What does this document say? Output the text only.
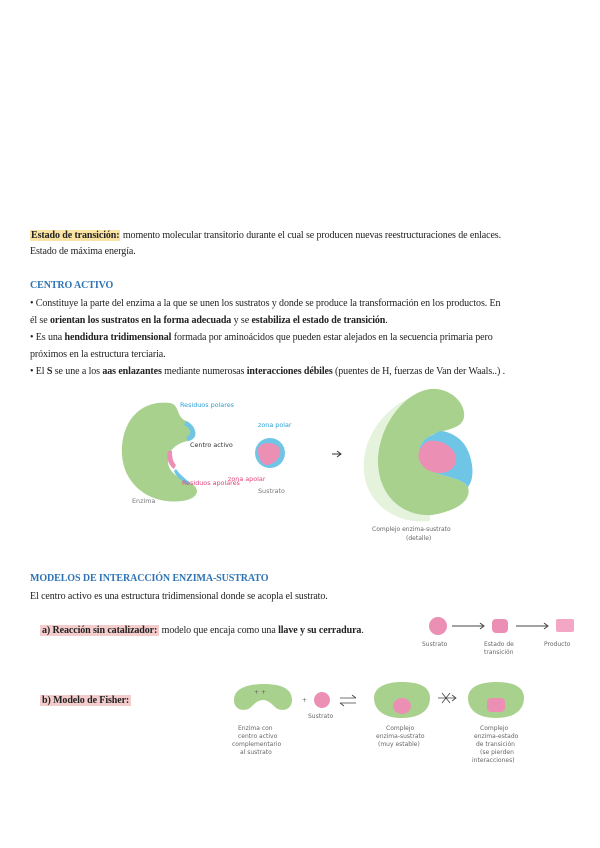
Estado de transición: momento molecular transitorio durante el cual se producen nuevas reestructuraciones de enlaces.
Estado de máxima energía.
CENTRO ACTIVO
• Constituye la parte del enzima a la que se unen los sustratos y donde se produce la transformación en los productos. En
él se orientan los sustratos en la forma adecuada y se estabiliza el estado de transición.
• Es una hendidura tridimensional formada por aminoácidos que pueden estar alejados en la secuencia primaria pero
próximos en la estructura terciaria.
• El S se une a los aas enlazantes mediante numerosas interacciones débiles (puentes de H, fuerzas de Van der Waals..) .
Residuos polares
Centro activo
Residuos apolares
Enzima
zona polar
zona apolar
Sustrato
Complejo enzima-sustrato
(detalle)
MODELOS DE INTERACCIÓN ENZIMA-SUSTRATO
El centro activo es una estructura tridimensional donde se acopla el sustrato.
a) Reacción sin catalizador: modelo que encaja como una llave y su cerradura.
Sustrato	Estado de
transición
Producto
b) Modelo de Fisher:
+ +
+
Enzima con
centro activo
complementario
al sustrato
Sustrato
Complejo
enzima-sustrato
(muy estable)
Complejo
enzima-estado
de transición
(se pierden
interacciones)
